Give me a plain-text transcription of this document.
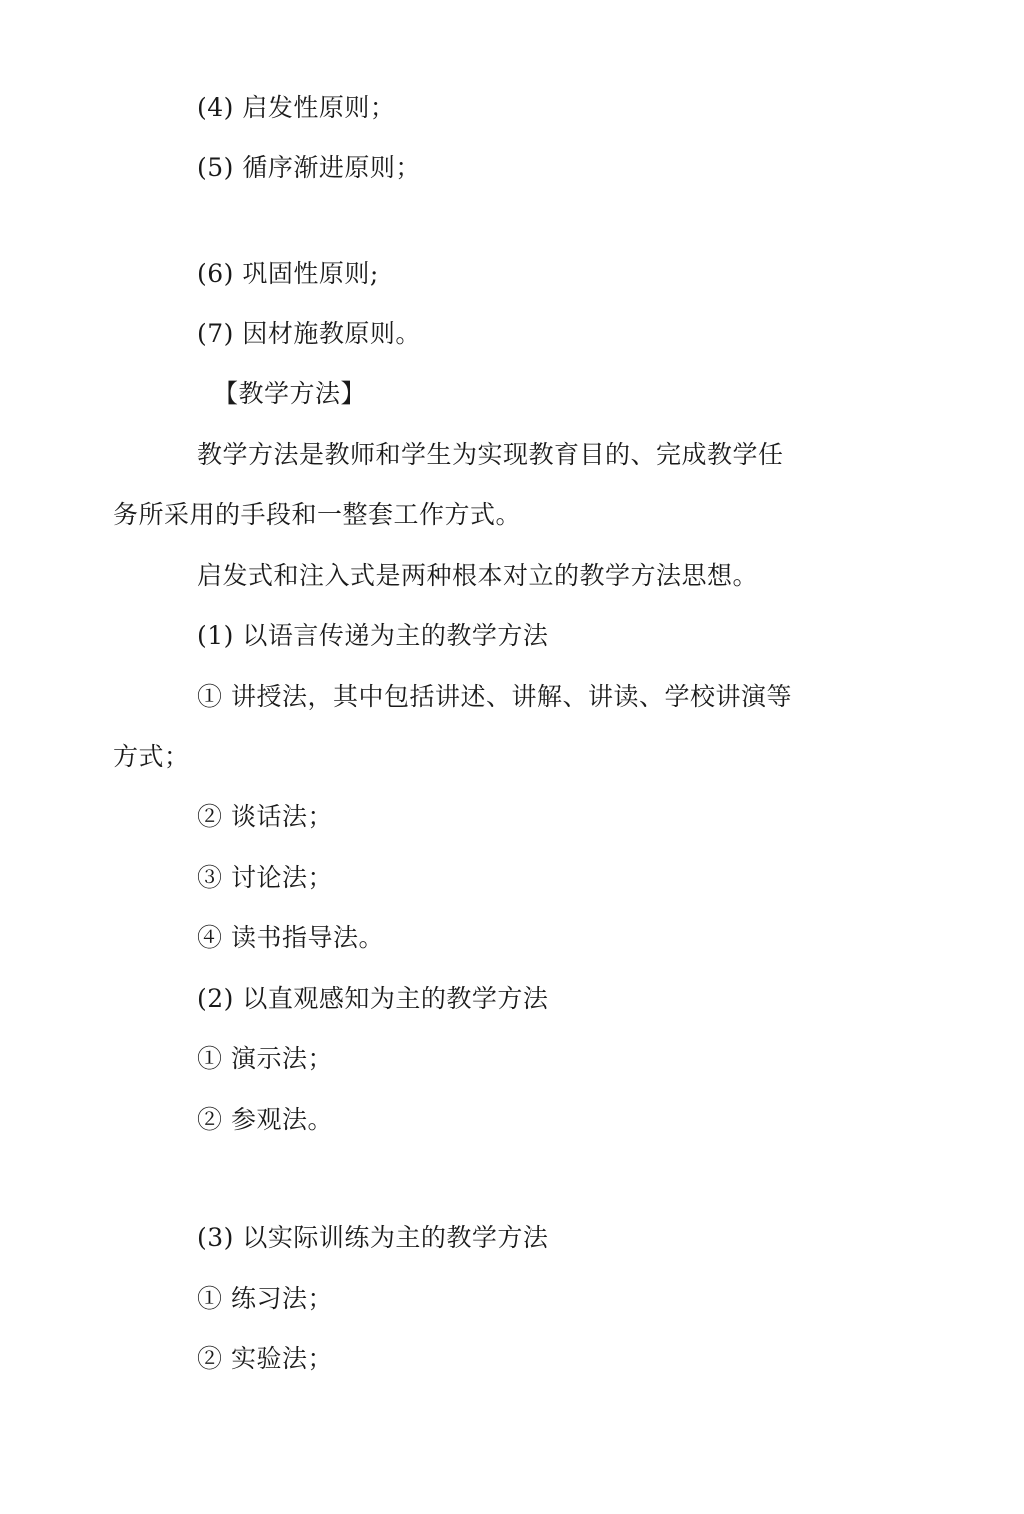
(4) 启发性原则；
(5) 循序渐进原则；
(6) 巩固性原则;
(7) 因材施教原则。
【教学方法】
教学方法是教师和学生为实现教育目的、完成教学任
务所采用的手段和一整套工作方式。
启发式和注入式是两种根本对立的教学方法思想。
(1) 以语言传递为主的教学方法
① 讲授法，其中包括讲述、讲解、讲读、学校讲演等
方式；
② 谈话法；
③ 讨论法；
④ 读书指导法。
(2) 以直观感知为主的教学方法
① 演示法；
② 参观法。
(3) 以实际训练为主的教学方法
① 练习法；
② 实验法；
